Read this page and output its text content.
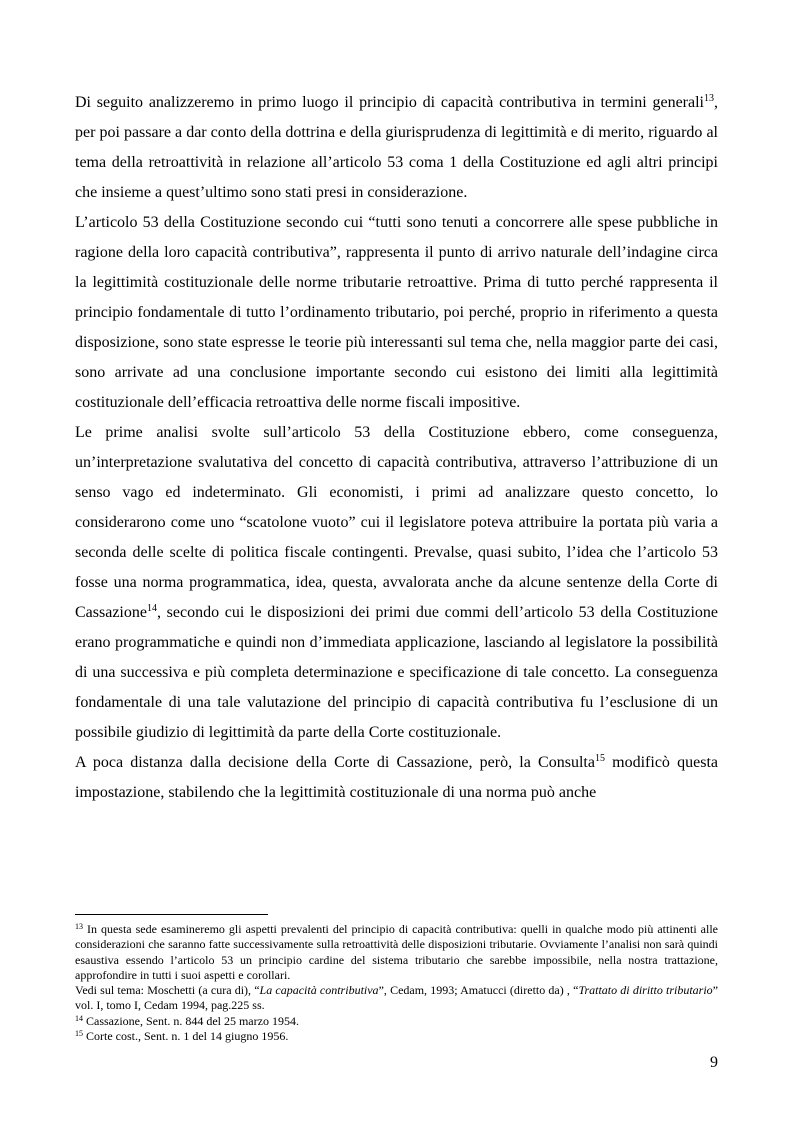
Di seguito analizzeremo in primo luogo il principio di capacità contributiva in termini generali$^{13}$, per poi passare a dar conto della dottrina e della giurisprudenza di legittimità e di merito, riguardo al tema della retroattività in relazione all’articolo 53 coma 1 della Costituzione ed agli altri principi che insieme a quest’ultimo sono stati presi in considerazione.

L’articolo 53 della Costituzione secondo cui “tutti sono tenuti a concorrere alle spese pubbliche in ragione della loro capacità contributiva”, rappresenta il punto di arrivo naturale dell’indagine circa la legittimità costituzionale delle norme tributarie retroattive. Prima di tutto perché rappresenta il principio fondamentale di tutto l’ordinamento tributario, poi perché, proprio in riferimento a questa disposizione, sono state espresse le teorie più interessanti sul tema che, nella maggior parte dei casi, sono arrivate ad una conclusione importante secondo cui esistono dei limiti alla legittimità costituzionale dell’efficacia retroattiva delle norme fiscali impositive.

Le prime analisi svolte sull’articolo 53 della Costituzione ebbero, come conseguenza, un’interpretazione svalutativa del concetto di capacità contributiva, attraverso l’attribuzione di un senso vago ed indeterminato. Gli economisti, i primi ad analizzare questo concetto, lo considerarono come uno “scatolone vuoto” cui il legislatore poteva attribuire la portata più varia a seconda delle scelte di politica fiscale contingenti. Prevalse, quasi subito, l’idea che l’articolo 53 fosse una norma programmatica, idea, questa, avvalorata anche da alcune sentenze della Corte di Cassazione$^{14}$, secondo cui le disposizioni dei primi due commi dell’articolo 53 della Costituzione erano programmatiche e quindi non d’immediata applicazione, lasciando al legislatore la possibilità di una successiva e più completa determinazione e specificazione di tale concetto. La conseguenza fondamentale di una tale valutazione del principio di capacità contributiva fu l’esclusione di un possibile giudizio di legittimità da parte della Corte costituzionale.

A poca distanza dalla decisione della Corte di Cassazione, però, la Consulta$^{15}$ modificò questa impostazione, stabilendo che la legittimità costituzionale di una norma può anche

$^{13}$ In questa sede esamineremo gli aspetti prevalenti del principio di capacità contributiva: quelli in qualche modo più attinenti alle considerazioni che saranno fatte successivamente sulla retroattività delle disposizioni tributarie. Ovviamente l’analisi non sarà quindi esaustiva essendo l’articolo 53 un principio cardine del sistema tributario che sarebbe impossibile, nella nostra trattazione, approfondire in tutti i suoi aspetti e corollari.

Vedi sul tema: Moschetti (a cura di), “La capacità contributiva”, Cedam, 1993; Amatucci (diretto da) , “Trattato di diritto tributario” vol. I, tomo I, Cedam 1994, pag.225 ss.

$^{14}$ Cassazione, Sent. n. 844 del 25 marzo 1954.

$^{15}$ Corte cost., Sent. n. 1 del 14 giugno 1956.

9
